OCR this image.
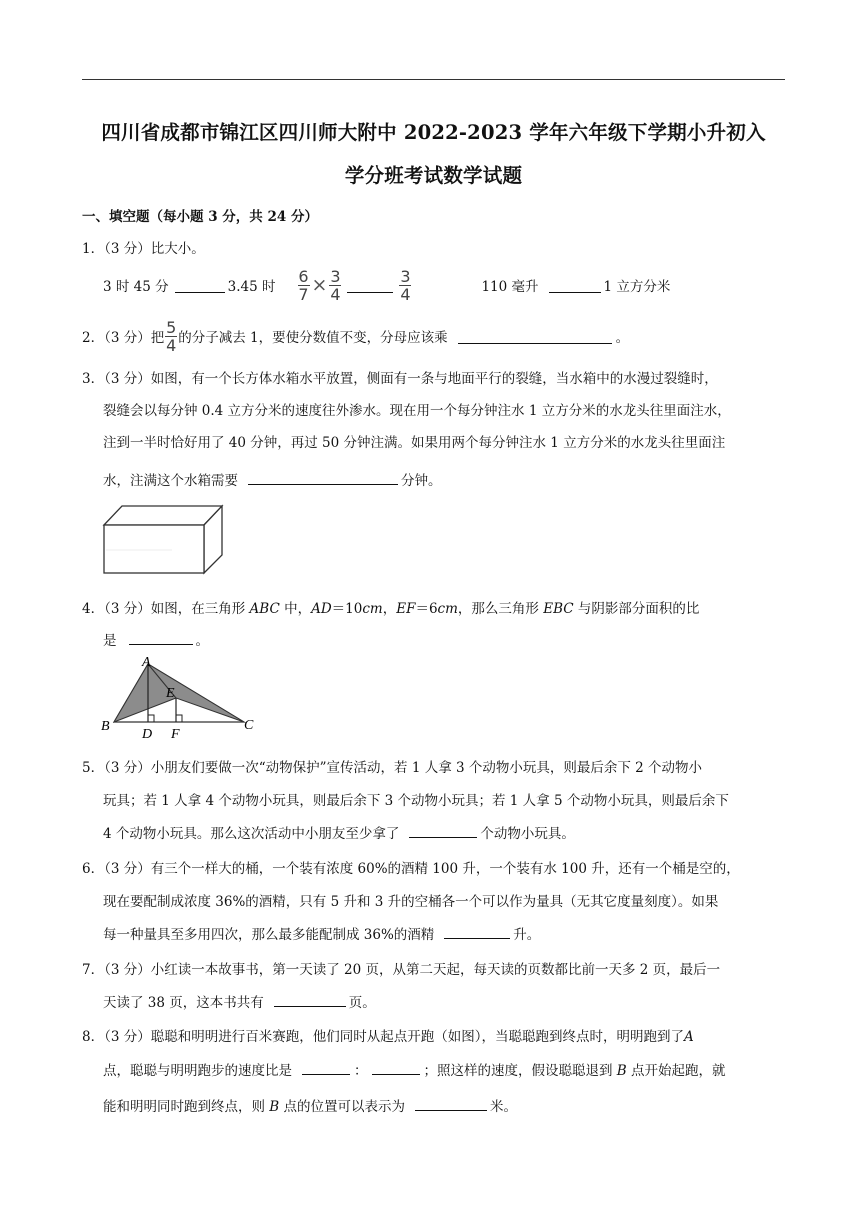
四川省成都市锦江区四川师大附中 2022-2023 学年六年级下学期小升初入
学分班考试数学试题
一、填空题（每小题 3 分，共 24 分）
1．（3 分）比大小。
3 时 45 分	3.45 时 $\frac{6}{7} \times \frac{3}{4}$	$\frac{3}{4}$	110 毫升	1 立方分米
2．（3 分）把 $\frac{5}{4}$ 的分子减去 1，要使分数值不变，分母应该乘	。
3．（3 分）如图，有一个长方体水箱水平放置，侧面有一条与地面平行的裂缝，当水箱中的水漫过裂缝时，
裂缝会以每分钟 0.4 立方分米的速度往外渗水。现在用一个每分钟注水 1 立方分米的水龙头往里面注水，
注到一半时恰好用了 40 分钟，再过 50 分钟注满。如果用两个每分钟注水 1 立方分米的水龙头往里面注
水，注满这个水箱需要	分钟。
4．（3 分）如图，在三角形 ABC 中，AD＝10cm，EF＝6cm，那么三角形 EBC 与阴影部分面积的比
是	。
A
B	C
D
E
F
5．（3 分）小朋友们要做一次“动物保护”宣传活动，若 1 人拿 3 个动物小玩具，则最后余下 2 个动物小
玩具；若 1 人拿 4 个动物小玩具，则最后余下 3 个动物小玩具；若 1 人拿 5 个动物小玩具，则最后余下
4 个动物小玩具。那么这次活动中小朋友至少拿了	个动物小玩具。
6．（3 分）有三个一样大的桶，一个装有浓度 60%的酒精 100 升，一个装有水 100 升，还有一个桶是空的，
现在要配制成浓度 36%的酒精，只有 5 升和 3 升的空桶各一个可以作为量具（无其它度量刻度）。如果
每一种量具至多用四次，那么最多能配制成 36%的酒精	升。
7．（3 分）小红读一本故事书，第一天读了 20 页，从第二天起，每天读的页数都比前一天多 2 页，最后一
天读了 38 页，这本书共有	页。
8．（3 分）聪聪和明明进行百米赛跑，他们同时从起点开跑（如图），当聪聪跑到终点时，明明跑到了A
点，聪聪与明明跑步的速度比是	：	；照这样的速度，假设聪聪退到 B 点开始起跑，就
能和明明同时跑到终点，则 B 点的位置可以表示为	米。
